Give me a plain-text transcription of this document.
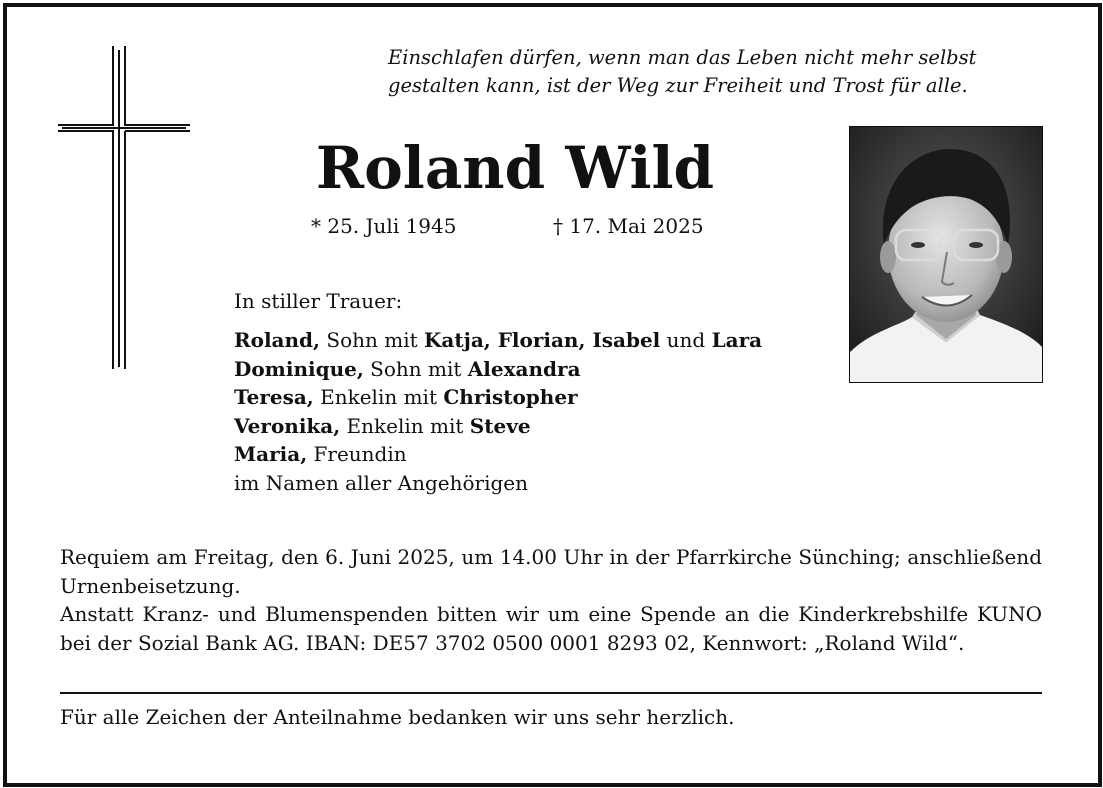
Einschlafen dürfen, wenn man das Leben nicht mehr selbst
gestalten kann, ist der Weg zur Freiheit und Trost für alle.
Roland Wild
* 25. Juli 1945	† 17. Mai 2025
In stiller Trauer:
Roland, Sohn mit Katja, Florian, Isabel und Lara
Dominique, Sohn mit Alexandra
Teresa, Enkelin mit Christopher
Veronika, Enkelin mit Steve
Maria, Freundin
im Namen aller Angehörigen

Requiem am Freitag, den 6. Juni 2025, um 14.00 Uhr in der Pfarrkirche Sünching; anschließend Urnenbeisetzung.

Anstatt Kranz- und Blumenspenden bitten wir um eine Spende an die Kinderkrebshilfe KUNO bei der Sozial Bank AG. IBAN: DE57 3702 0500 0001 8293 02, Kennwort: „Roland Wild“.

Für alle Zeichen der Anteilnahme bedanken wir uns sehr herzlich.
